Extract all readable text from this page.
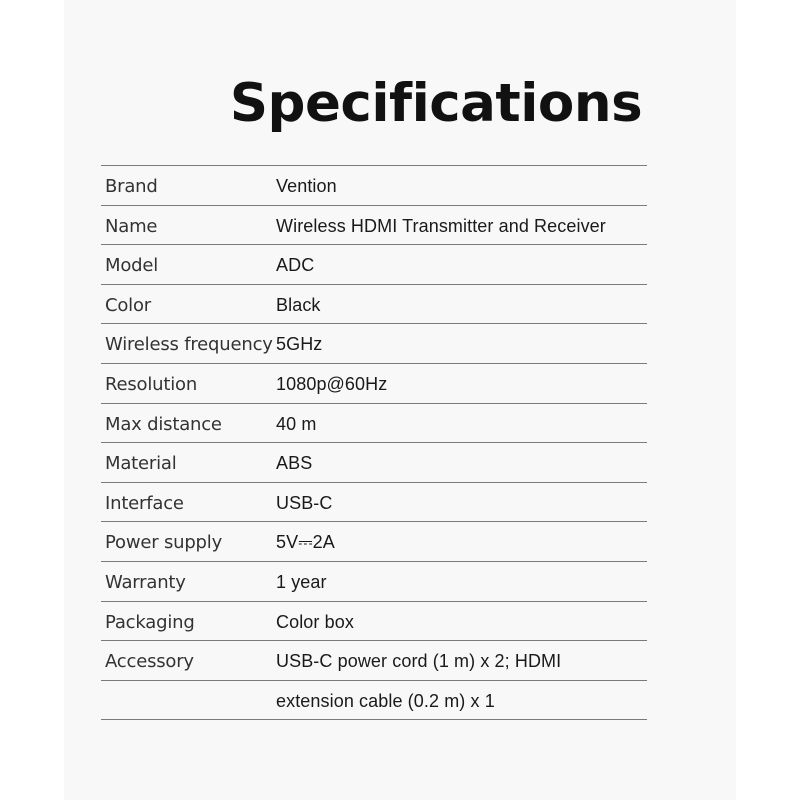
Specifications
Brand	Vention
Name	Wireless HDMI Transmitter and Receiver
Model	ADC
Color	Black
Wireless frequency 5GHz
Resolution	1080p@60Hz
Max distance	40 m
Material	ABS
Interface	USB-C
Power supply	5V⎓2A
Warranty	1 year
Packaging	Color box
Accessory	USB-C power cord (1 m) x 2; HDMI
extension cable (0.2 m) x 1
